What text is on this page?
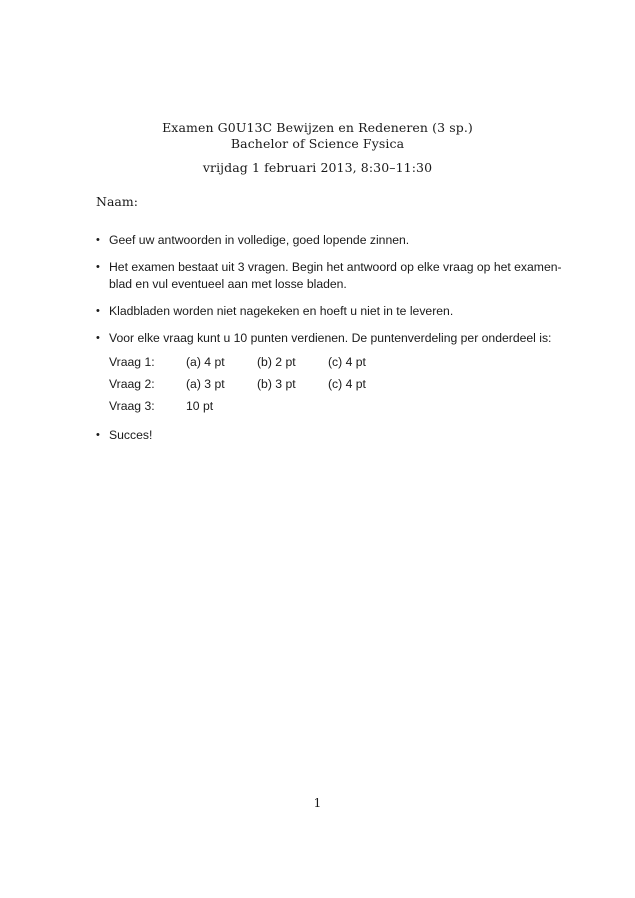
Examen G0U13C Bewijzen en Redeneren (3 sp.)
Bachelor of Science Fysica
vrijdag 1 februari 2013, 8:30–11:30
Naam:
• Geef uw antwoorden in volledige, goed lopende zinnen.
• Het examen bestaat uit 3 vragen. Begin het antwoord op elke vraag op het examen-blad en vul eventueel aan met losse bladen.
• Kladbladen worden niet nagekeken en hoeft u niet in te leveren.
• Voor elke vraag kunt u 10 punten verdienen. De puntenverdeling per onderdeel is:
Vraag 1:	(a) 4 pt	(b) 2 pt	(c) 4 pt
Vraag 2:	(a) 3 pt	(b) 3 pt	(c) 4 pt
Vraag 3:	10 pt		
• Succes!
1
